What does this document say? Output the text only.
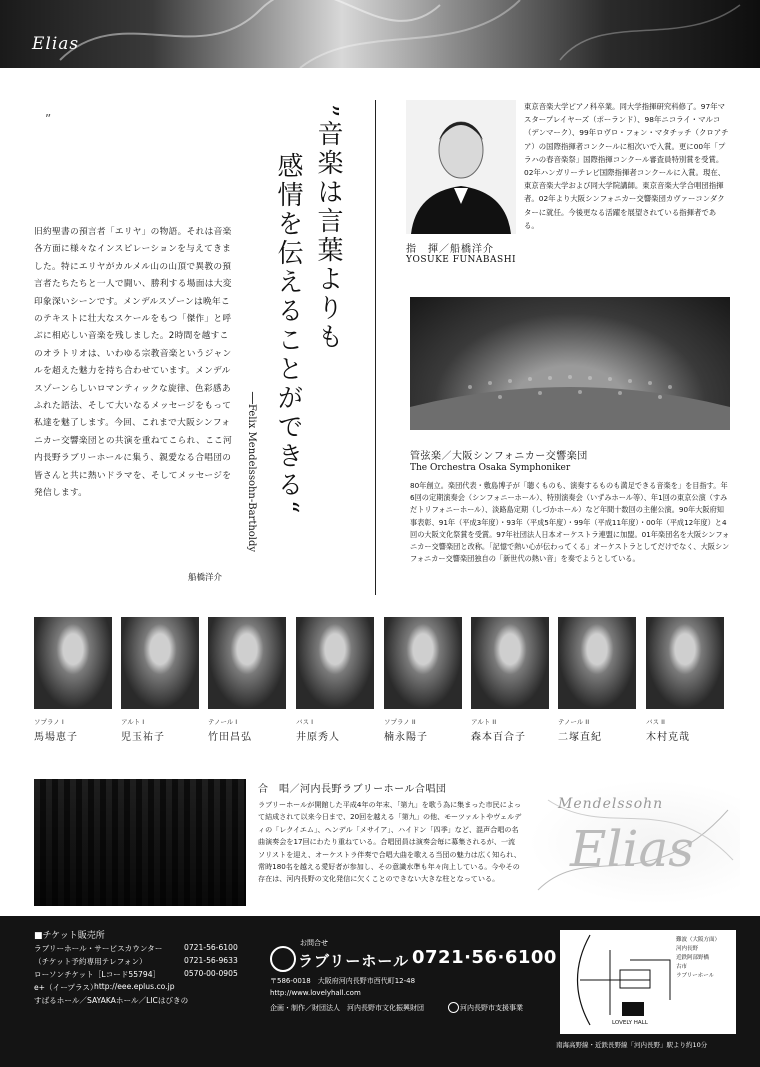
Elias
”	”音楽は言葉よりも
感情を伝えることができる“
──Felix Mendelssohn-Bartholdy
旧約聖書の預言者「エリヤ」の物語。それは音楽各方面に様々なインスピレーションを与えてきました。特にエリヤがカルメル山の山頂で異教の預言者たちたちと一人で闘い、勝利する場面は大変印象深いシーンです。メンデルスゾーンは晩年このテキストに壮大なスケールをもつ「傑作」と呼ぶに相応しい音楽を残しました。2時間を越すこのオラトリオは、いわゆる宗教音楽というジャンルを超えた魅力を持ち合わせています。メンデルスゾーンらしいロマンティックな旋律、色彩感あふれた語法、そして大いなるメッセージをもって私達を魅了します。今回、これまで大阪シンフォニカー交響楽団との共演を重ねてこられ、ここ河内長野ラブリーホールに集う、親愛なる合唱団の皆さんと共に熱いドラマを、そしてメッセージを発信します。
船橋洋介
指　揮／船橋洋介
YOSUKE FUNABASHI
東京音楽大学ピアノ科卒業。同大学指揮研究科修了。97年マスタープレイヤーズ（ポーランド）、98年ニコライ・マルコ（デンマーク）、99年ロヴロ・フォン・マタチッチ（クロアチア）の国際指揮者コンクールに相次いで入賞。更に00年「プラハの春音楽祭」国際指揮コンクール審査員特別賞を受賞。02年ハンガリーテレビ国際指揮者コンクールに入賞。現在、東京音楽大学および同大学院講師。東京音楽大学合唱団指揮者。02年より大阪シンフォニカー交響楽団カヴァーコンダクターに就任。今後更なる活躍を展望されている指揮者である。
管弦楽／大阪シンフォニカー交響楽団
The Orchestra Osaka Symphoniker
80年創立。楽団代表・敷島博子が「聴くものも、演奏するものも満足できる音楽を」を目指す。年6回の定期演奏会（シンフォニーホール）、特別演奏会（いずみホール等）、年1回の東京公演（すみだトリフォニーホール）、淡路島定期（しづかホール）など年間十数回の主催公演。90年大阪府知事表彰、91年（平成3年度）・93年（平成5年度）・99年（平成11年度）・00年（平成12年度）と4回の大阪文化祭賞を受賞。97年社団法人日本オーケストラ連盟に加盟。01年楽団名を大阪シンフォニカー交響楽団と改称。「記憶で熱い心が伝わってくる」オーケストラとしてだけでなく、大阪シンフォニカー交響楽団独自の「新世代の熱い音」を奏でようとしている。
ソプラノ I
馬場恵子
アルト I
児玉祐子
テノール I
竹田昌弘
バス I
井原秀人
ソプラノ II
楠永陽子
アルト II
森本百合子
テノール II
二塚直紀
バス II
木村克哉
合　唱／河内長野ラブリーホール合唱団
ラブリーホールが開館した平成4年の年末、「第九」を歌う為に集まった市民によって結成されて以来今日まで、20回を越える「第九」の他、モーツァルトやヴェルディの「レクイエム」、ヘンデル「メサイア」、ハイドン「四季」など、混声合唱の名曲演奏会を17回にわたり重ねている。合唱団員は演奏会毎に募集されるが、一流ソリストを迎え、オーケストラ伴奏で合唱大曲を歌える当団の魅力は広く知られ、常時180名を越える愛好者が参加し、その意識水準も年々向上している。今やその存在は、河内長野の文化発信に欠くことのできない大きな柱となっている。
Mendelssohn
Elias
■チケット販売所
ラブリーホール・サービスカウンター	0721-56-6100
（チケット予約専用テレフォン）	0721-56-9633
ローソンチケット［Lコード55794］	0570-00-0905
e+（イープラス）
http://eee.eplus.co.jp
すばるホール／SAYAKAホール／LICはびきの
お問合せ
ラブリーホール 0721·56·6100
〒586-0018　大阪府河内長野市西代町12-48
http://www.lovelyhall.com
企画・制作／財団法人　河内長野市文化振興財団	河内長野市支援事業
LOVELY HALL
難波（大阪方面）
河内長野
近鉄阿部野橋
古市
ラブリーホール
南海高野線・近鉄長野線「河内長野」駅より約10分
